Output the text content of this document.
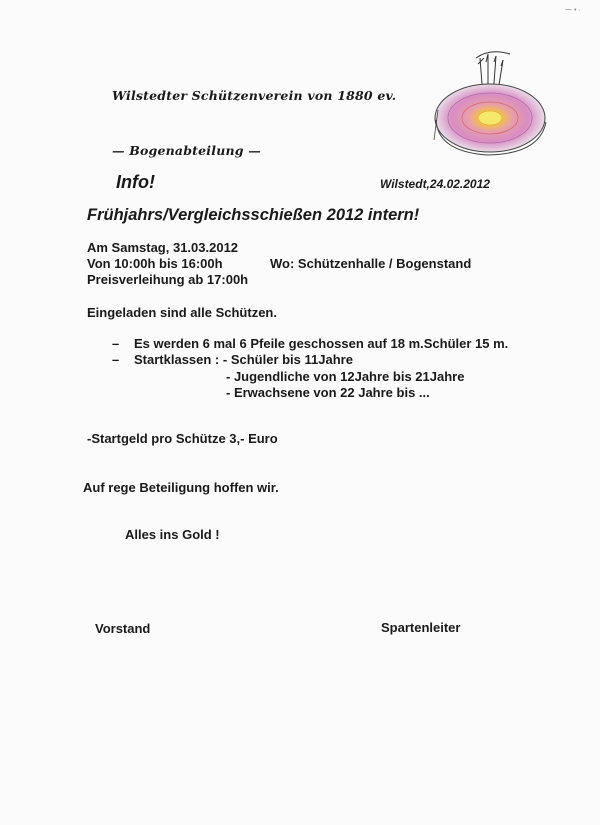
⁓ • ·
Wilstedter Schützenverein von 1880 ev.
— Bogenabteilung —
Info!	Wilstedt,24.02.2012
Frühjahrs/Vergleichsschießen 2012 intern!
Am Samstag, 31.03.2012
Von 10:00h bis 16:00h	Wo: Schützenhalle / Bogenstand
Preisverleihung ab 17:00h
Eingeladen sind alle Schützen.
– Es werden 6 mal 6 Pfeile geschossen auf 18 m.Schüler 15 m.
– Startklassen : - Schüler bis 11Jahre
- Jugendliche von 12Jahre bis 21Jahre
- Erwachsene von 22 Jahre bis ...
-Startgeld pro Schütze 3,- Euro
Auf rege Beteiligung hoffen wir.
Alles ins Gold !
Vorstand	Spartenleiter
